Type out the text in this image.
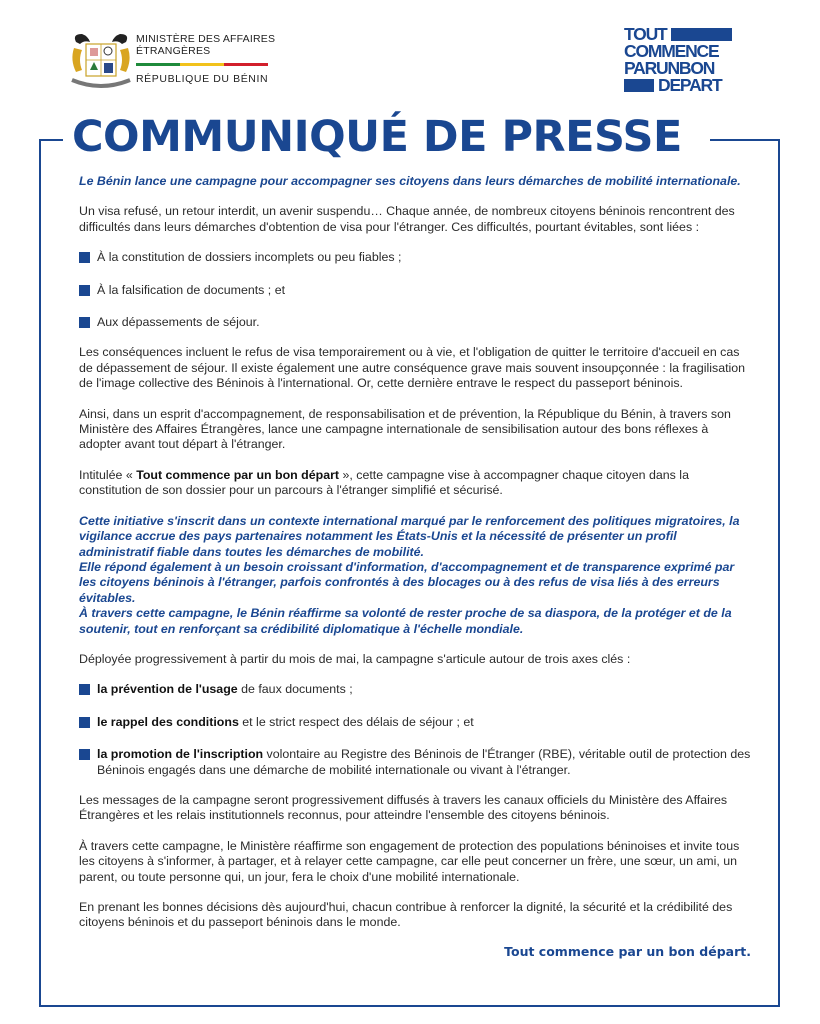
MINISTÈRE DES AFFAIRES ÉTRANGÈRES
RÉPUBLIQUE DU BÉNIN
TOUT
COMMENCE
PARUNBON
DEPART
COMMUNIQUÉ DE PRESSE
Le Bénin lance une campagne pour accompagner ses citoyens dans leurs démarches de mobilité internationale.

Un visa refusé, un retour interdit, un avenir suspendu… Chaque année, de nombreux citoyens béninois rencontrent des difficultés dans leurs démarches d'obtention de visa pour l'étranger. Ces difficultés, pourtant évitables, sont liées :

À la constitution de dossiers incomplets ou peu fiables ;
À la falsification de documents ; et
Aux dépassements de séjour.

Les conséquences incluent le refus de visa temporairement ou à vie, et l'obligation de quitter le territoire d'accueil en cas de dépassement de séjour. Il existe également une autre conséquence grave mais souvent insoupçonnée : la fragilisation de l'image collective des Béninois à l'international. Or, cette dernière entrave le respect du passeport béninois.

Ainsi, dans un esprit d'accompagnement, de responsabilisation et de prévention, la République du Bénin, à travers son Ministère des Affaires Étrangères, lance une campagne internationale de sensibilisation autour des bons réflexes à adopter avant tout départ à l'étranger.

Intitulée « Tout commence par un bon départ », cette campagne vise à accompagner chaque citoyen dans la constitution de son dossier pour un parcours à l'étranger simplifié et sécurisé.

Cette initiative s'inscrit dans un contexte international marqué par le renforcement des politiques migratoires, la vigilance accrue des pays partenaires notamment les États-Unis et la nécessité de présenter un profil administratif fiable dans toutes les démarches de mobilité.
Elle répond également à un besoin croissant d'information, d'accompagnement et de transparence exprimé par les citoyens béninois à l'étranger, parfois confrontés à des blocages ou à des refus de visa liés à des erreurs évitables.
À travers cette campagne, le Bénin réaffirme sa volonté de rester proche de sa diaspora, de la protéger et de la soutenir, tout en renforçant sa crédibilité diplomatique à l'échelle mondiale.

Déployée progressivement à partir du mois de mai, la campagne s'articule autour de trois axes clés :

la prévention de l'usage de faux documents ;
le rappel des conditions et le strict respect des délais de séjour ; et
la promotion de l'inscription volontaire au Registre des Béninois de l'Étranger (RBE), véritable outil de protection des Béninois engagés dans une démarche de mobilité internationale ou vivant à l'étranger.

Les messages de la campagne seront progressivement diffusés à travers les canaux officiels du Ministère des Affaires Étrangères et les relais institutionnels reconnus, pour atteindre l'ensemble des citoyens béninois.

À travers cette campagne, le Ministère réaffirme son engagement de protection des populations béninoises et invite tous les citoyens à s'informer, à partager, et à relayer cette campagne, car elle peut concerner un frère, une sœur, un ami, un parent, ou toute personne qui, un jour, fera le choix d'une mobilité internationale.

En prenant les bonnes décisions dès aujourd'hui, chacun contribue à renforcer la dignité, la sécurité et la crédibilité des citoyens béninois et du passeport béninois dans le monde.

Tout commence par un bon départ.
